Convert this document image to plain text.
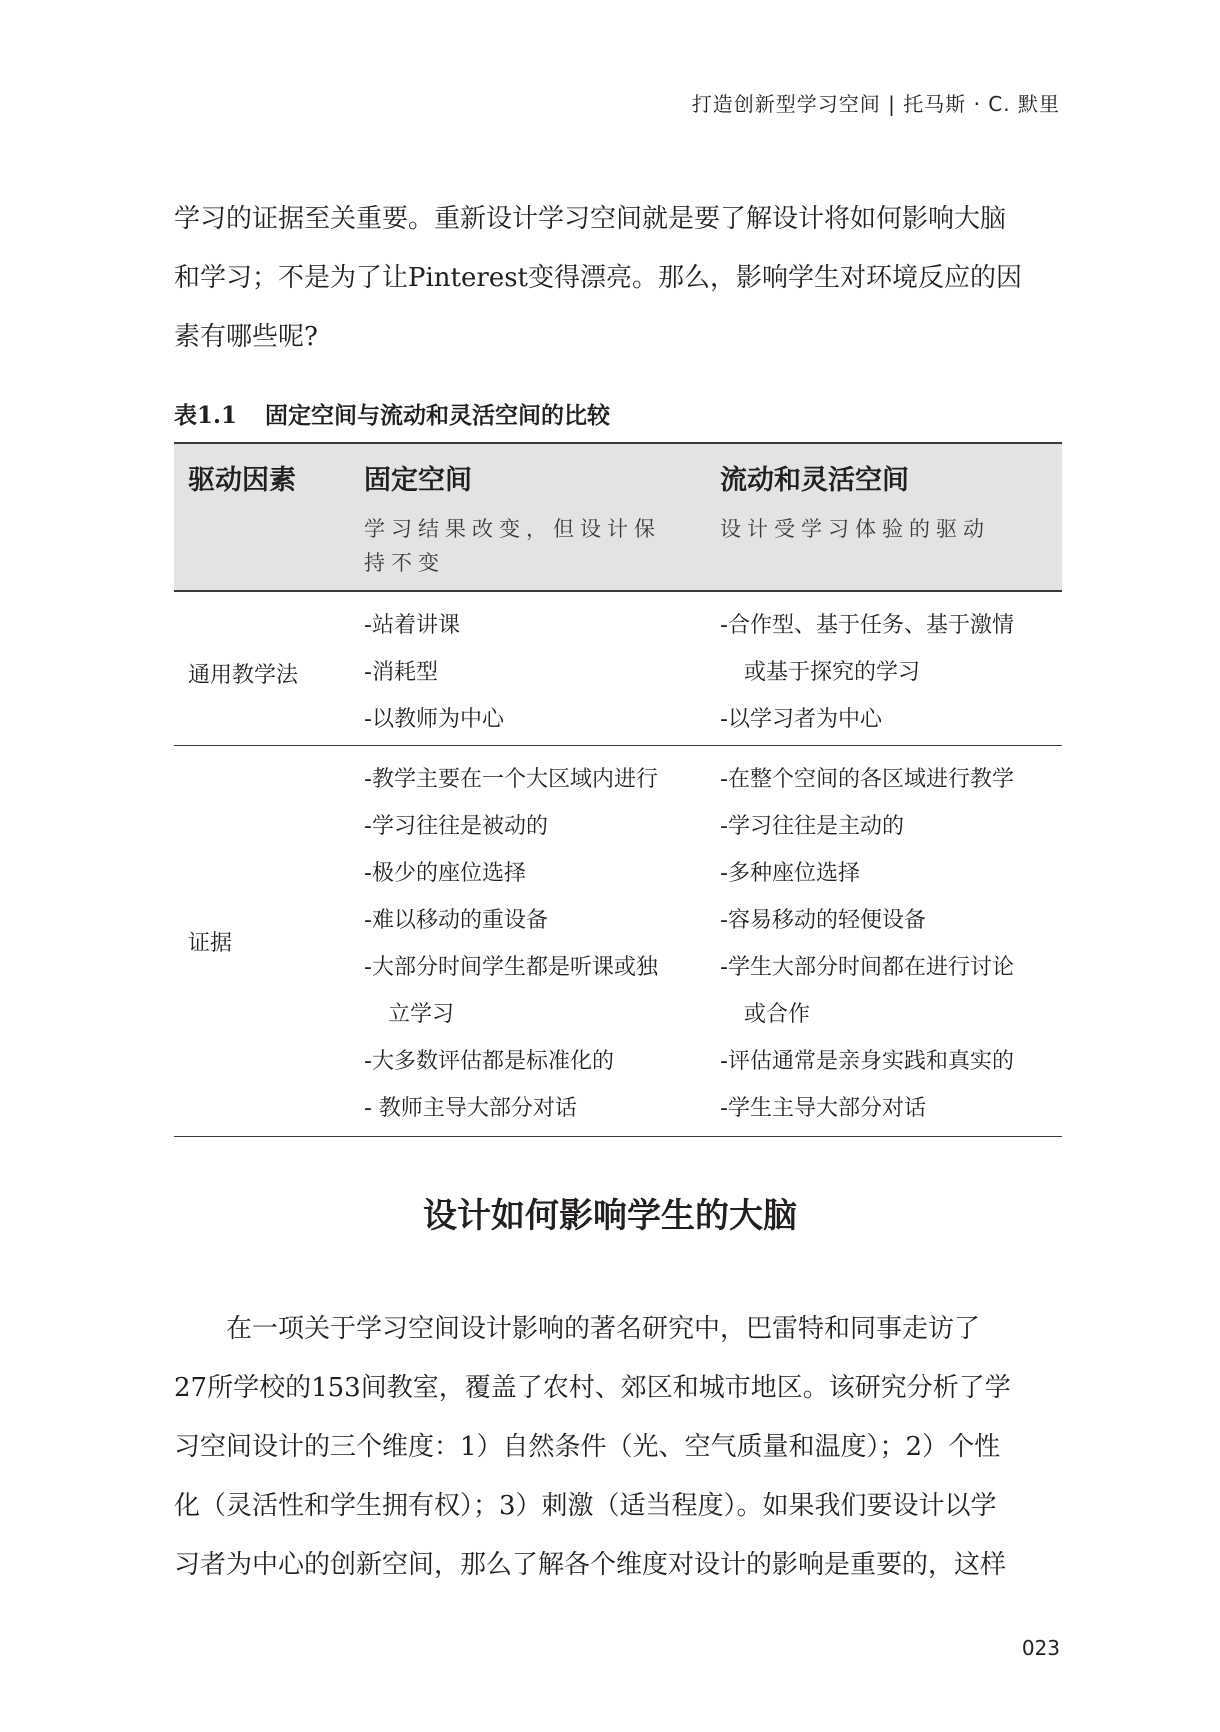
打造创新型学习空间 | 托马斯 · C. 默里

学习的证据至关重要。重新设计学习空间就是要了解设计将如何影响大脑
和学习；不是为了让Pinterest变得漂亮。那么，影响学生对环境反应的因
素有哪些呢?

表1.1 固定空间与流动和灵活空间的比较
驱动因素	固定空间	流动和灵活空间
学习结果改变，但设计保
持不变
设计受学习体验的驱动
通用教学法
-站着讲课
-消耗型
-以教师为中心
-合作型、基于任务、基于激情
或基于探究的学习
-以学习者为中心
证据
-教学主要在一个大区域内进行
-学习往往是被动的
-极少的座位选择
-难以移动的重设备
-大部分时间学生都是听课或独
立学习
-大多数评估都是标准化的
- 教师主导大部分对话
-在整个空间的各区域进行教学
-学习往往是主动的
-多种座位选择
-容易移动的轻便设备
-学生大部分时间都在进行讨论
或合作
-评估通常是亲身实践和真实的
-学生主导大部分对话
设计如何影响学生的大脑

在一项关于学习空间设计影响的著名研究中，巴雷特和同事走访了
27所学校的153间教室，覆盖了农村、郊区和城市地区。该研究分析了学
习空间设计的三个维度：1）自然条件（光、空气质量和温度）；2）个性
化（灵活性和学生拥有权）；3）刺激（适当程度）。如果我们要设计以学
习者为中心的创新空间，那么了解各个维度对设计的影响是重要的，这样

023
